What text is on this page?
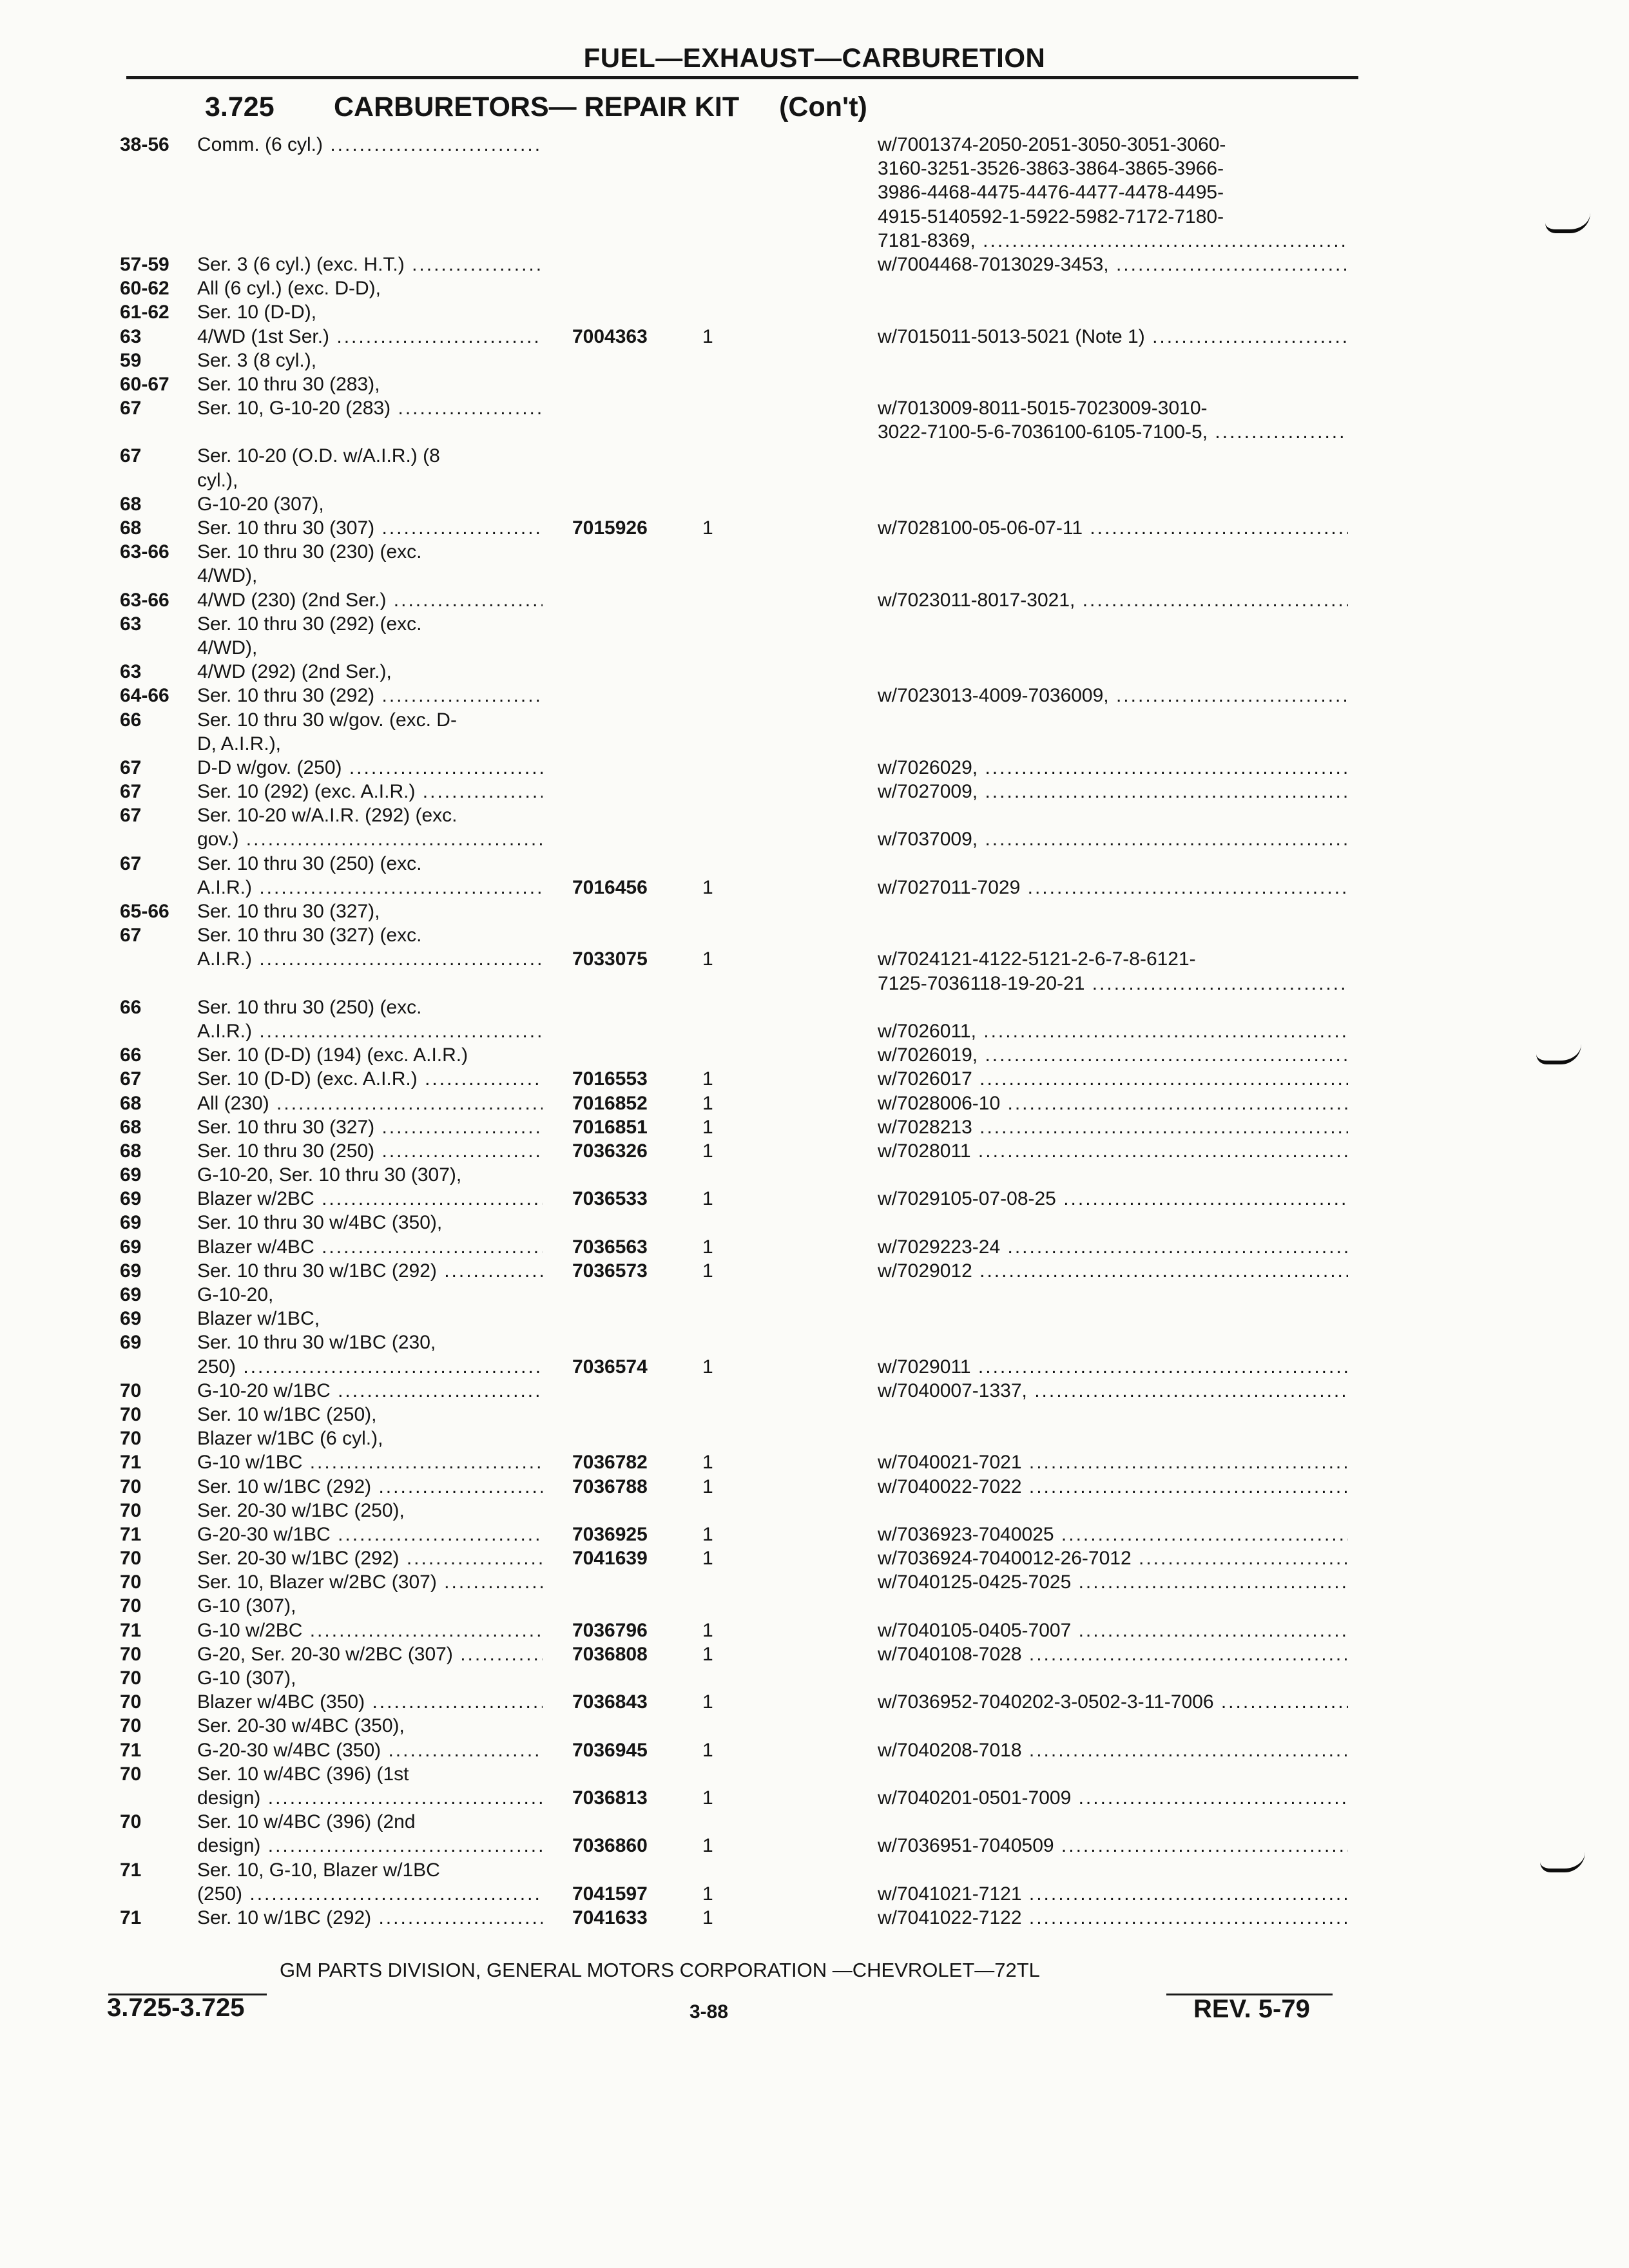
FUEL—EXHAUST—CARBURETION
3.725 CARBURETORS— REPAIR KIT (Con't)
38-56 Comm. (6 cyl.) .....	w/7001374-2050-2051-3050-3051-3060-
3160-3251-3526-3863-3864-3865-3966-
3986-4468-4475-4476-4477-4478-4495-
4915-5140592-1-5922-5982-7172-7180-
7181-8369, .....
57-59 Ser. 3 (6 cyl.) (exc. H.T.) .....	w/7004468-7013029-3453, .....
60-62 All (6 cyl.) (exc. D-D),
61-62 Ser. 10 (D-D),
63	4/WD (1st Ser.) .....	7004363	1	w/7015011-5013-5021 (Note 1) .....
59	Ser. 3 (8 cyl.),
60-67 Ser. 10 thru 30 (283),
67	Ser. 10, G-10-20 (283) .....	w/7013009-8011-5015-7023009-3010-
3022-7100-5-6-7036100-6105-7100-5, .....
67	Ser. 10-20 (O.D. w/A.I.R.) (8
cyl.),
68	G-10-20 (307),
68	Ser. 10 thru 30 (307) .....	7015926	1	w/7028100-05-06-07-11 .....
63-66 Ser. 10 thru 30 (230) (exc.
4/WD),
63-66 4/WD (230) (2nd Ser.) .....	w/7023011-8017-3021, .....
63	Ser. 10 thru 30 (292) (exc.
4/WD),
63	4/WD (292) (2nd Ser.),
64-66 Ser. 10 thru 30 (292) .....	w/7023013-4009-7036009, .....
66	Ser. 10 thru 30 w/gov. (exc. D-
D, A.I.R.),
67	D-D w/gov. (250) .....	w/7026029, .....
67	Ser. 10 (292) (exc. A.I.R.) .....	w/7027009, .....
67	Ser. 10-20 w/A.I.R. (292) (exc.
gov.) .....	w/7037009, .....
67	Ser. 10 thru 30 (250) (exc.
A.I.R.) .....	7016456	1	w/7027011-7029 .....
65-66 Ser. 10 thru 30 (327),
67	Ser. 10 thru 30 (327) (exc.
A.I.R.) .....	7033075	1	w/7024121-4122-5121-2-6-7-8-6121-
7125-7036118-19-20-21 .....
66	Ser. 10 thru 30 (250) (exc.
A.I.R.) .....	w/7026011, .....
66	Ser. 10 (D-D) (194) (exc. A.I.R.)	w/7026019, .....
67	Ser. 10 (D-D) (exc. A.I.R.) .....	7016553	1	w/7026017 .....
68	All (230) .....	7016852	1	w/7028006-10 .....
68	Ser. 10 thru 30 (327) .....	7016851	1	w/7028213 .....
68	Ser. 10 thru 30 (250) .....	7036326	1	w/7028011 .....
69	G-10-20, Ser. 10 thru 30 (307),
69	Blazer w/2BC .....	7036533	1	w/7029105-07-08-25 .....
69	Ser. 10 thru 30 w/4BC (350),
69	Blazer w/4BC .....	7036563	1	w/7029223-24 .....
69	Ser. 10 thru 30 w/1BC (292) .....	7036573	1	w/7029012 .....
69	G-10-20,
69	Blazer w/1BC,
69	Ser. 10 thru 30 w/1BC (230,
250) .....	7036574	1	w/7029011 .....
70	G-10-20 w/1BC .....	w/7040007-1337, .....
70	Ser. 10 w/1BC (250),
70	Blazer w/1BC (6 cyl.),
71	G-10 w/1BC .....	7036782	1	w/7040021-7021 .....
70	Ser. 10 w/1BC (292) .....	7036788	1	w/7040022-7022 .....
70	Ser. 20-30 w/1BC (250),
71	G-20-30 w/1BC .....	7036925	1	w/7036923-7040025 .....
70	Ser. 20-30 w/1BC (292) .....	7041639	1	w/7036924-7040012-26-7012 .....
70	Ser. 10, Blazer w/2BC (307) .....	w/7040125-0425-7025 .....
70	G-10 (307),
71	G-10 w/2BC .....	7036796	1	w/7040105-0405-7007 .....
70	G-20, Ser. 20-30 w/2BC (307) .....	7036808	1	w/7040108-7028 .....
70	G-10 (307),
70	Blazer w/4BC (350) .....	7036843	1	w/7036952-7040202-3-0502-3-11-7006 .....
70	Ser. 20-30 w/4BC (350),
71	G-20-30 w/4BC (350) .....	7036945	1	w/7040208-7018 .....
70	Ser. 10 w/4BC (396) (1st
design) .....	7036813	1	w/7040201-0501-7009 .....
70	Ser. 10 w/4BC (396) (2nd
design) .....	7036860	1	w/7036951-7040509 .....
71	Ser. 10, G-10, Blazer w/1BC
(250) .....	7041597	1	w/7041021-7121 .....
71	Ser. 10 w/1BC (292) .....	7041633	1	w/7041022-7122 .....
GM PARTS DIVISION, GENERAL MOTORS CORPORATION —CHEVROLET—72TL
3.725-3.725	3-88	REV. 5-79
